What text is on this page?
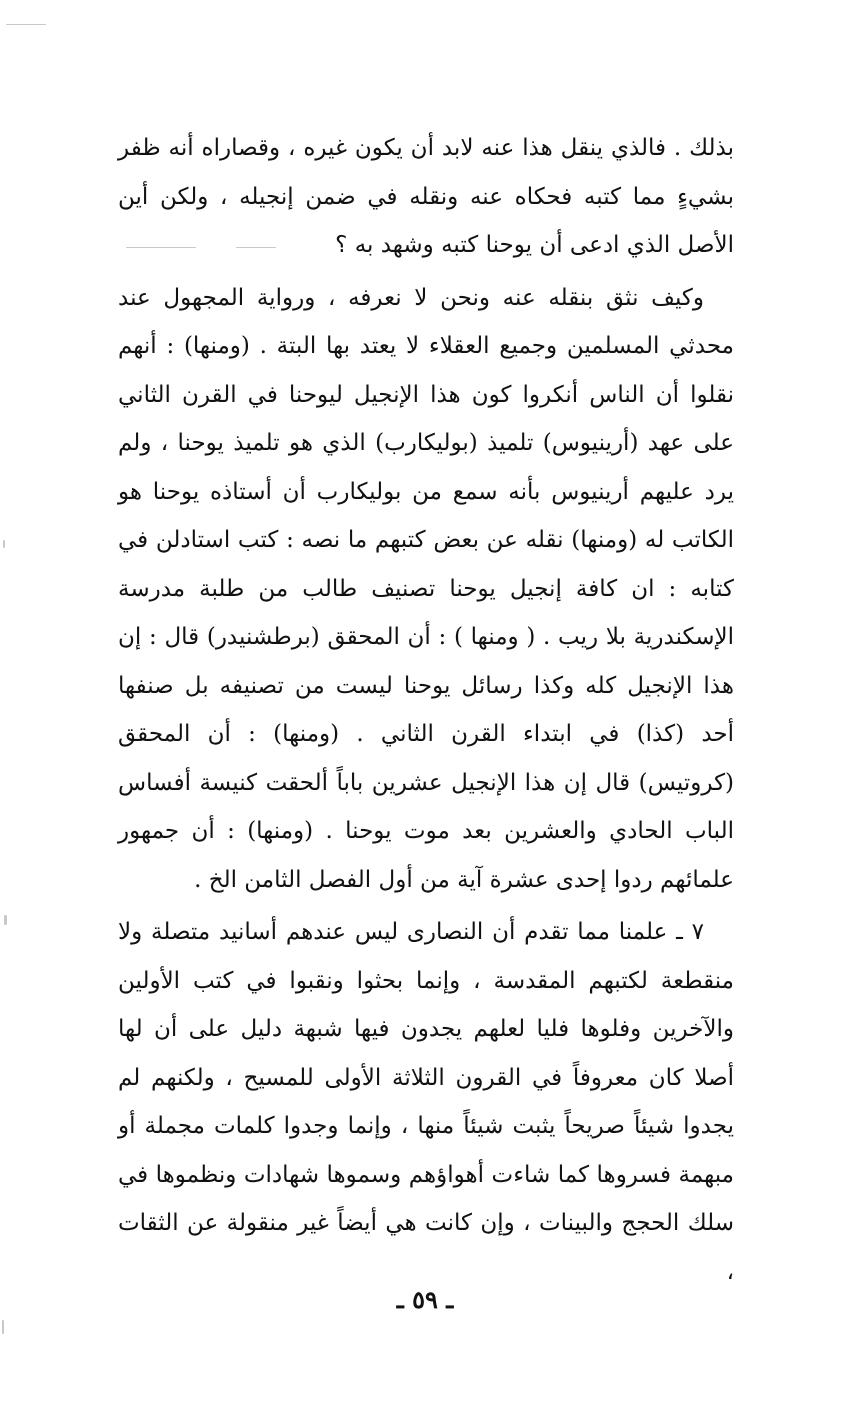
بذلك . فالذي ينقل هذا عنه لابد أن يكون غيره ، وقصاراه أنه ظفر بشيءٍ مما كتبه فحكاه عنه ونقله في ضمن إنجيله ، ولكن أين الأصل الذي ادعى أن يوحنا كتبه وشهد به ؟

وكيف نثق بنقله عنه ونحن لا نعرفه ، ورواية المجهول عند محدثي المسلمين وجميع العقلاء لا يعتد بها البتة . (ومنها) : أنهم نقلوا أن الناس أنكروا كون هذا الإنجيل ليوحنا في القرن الثاني على عهد (أرينيوس) تلميذ (بوليكارب) الذي هو تلميذ يوحنا ، ولم يرد عليهم أرينيوس بأنه سمع من بوليكارب أن أستاذه يوحنا هو الكاتب له (ومنها) نقله عن بعض كتبهم ما نصه : كتب استادلن في كتابه : ان كافة إنجيل يوحنا تصنيف طالب من طلبة مدرسة الإسكندرية بلا ريب . ( ومنها ) : أن المحقق (برطشنيدر) قال : إن هذا الإنجيل كله وكذا رسائل يوحنا ليست من تصنيفه بل صنفها أحد (كذا) في ابتداء القرن الثاني . (ومنها) : أن المحقق (كروتيس) قال إن هذا الإنجيل عشرين باباً ألحقت كنيسة أفساس الباب الحادي والعشرين بعد موت يوحنا . (ومنها) : أن جمهور علمائهم ردوا إحدى عشرة آية من أول الفصل الثامن الخ .

٧ ـ علمنا مما تقدم أن النصارى ليس عندهم أسانيد متصلة ولا منقطعة لكتبهم المقدسة ، وإنما بحثوا ونقبوا في كتب الأولين والآخرين وفلوها فليا لعلهم يجدون فيها شبهة دليل على أن لها أصلا كان معروفاً في القرون الثلاثة الأولى للمسيح ، ولكنهم لم يجدوا شيئاً صريحاً يثبت شيئاً منها ، وإنما وجدوا كلمات مجملة أو مبهمة فسروها كما شاءت أهواؤهم وسموها شهادات ونظموها في سلك الحجج والبينات ، وإن كانت هي أيضاً غير منقولة عن الثقات ،

ـ ٥٩ ـ
